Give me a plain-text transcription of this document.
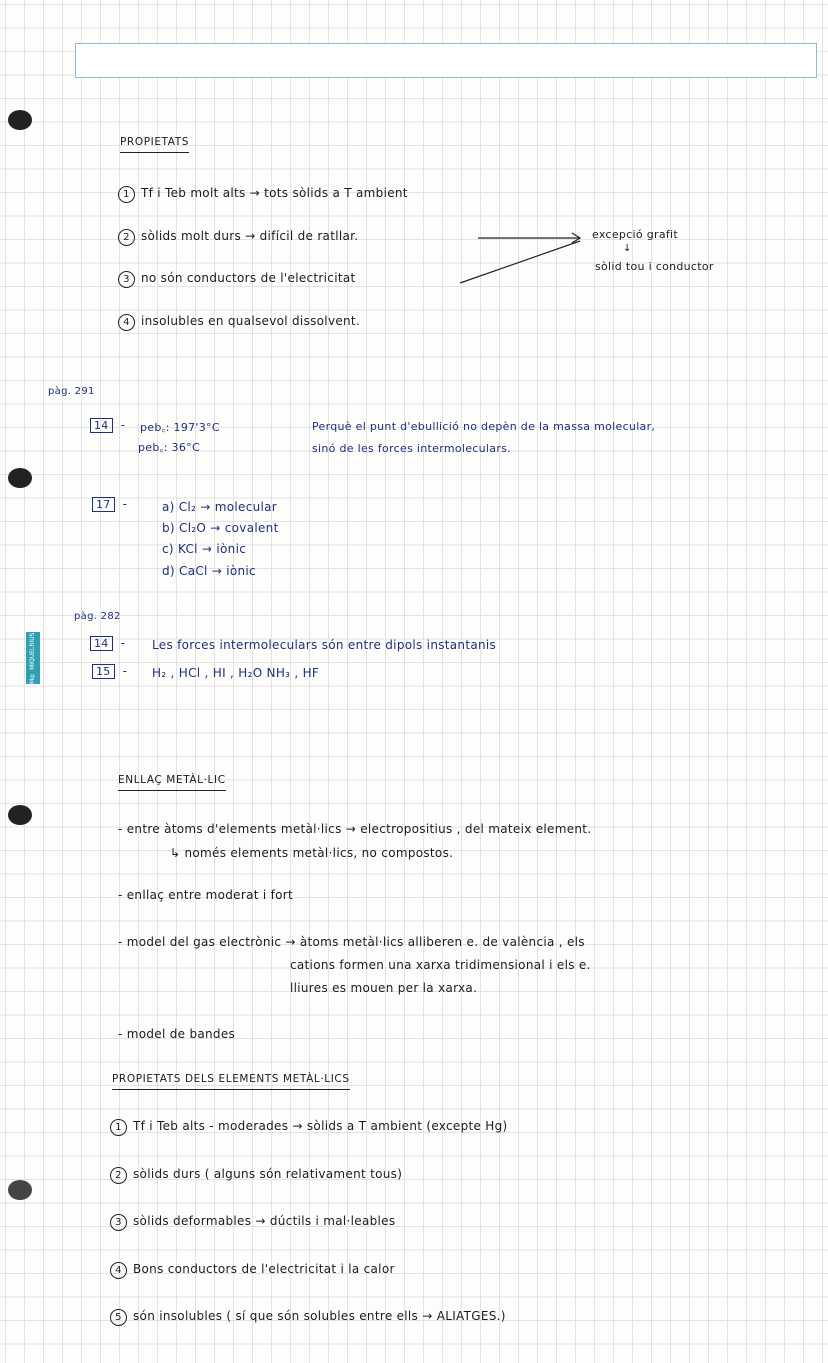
M® MIQUELRIUS
PROPIETATS
1 Tf i Teb molt alts → tots sòlids a T ambient
2 sòlids molt durs → difícil de ratllar.
3 no són conductors de l'electricitat
4 insolubles en qualsevol dissolvent.
excepció grafit
↓
sòlid tou i conductor
pàg. 291
14 - peb꜀: 197'3°C
peb꜀: 36°C
Perquè el punt d'ebullició no depèn de la massa molecular,
sinó de les forces intermoleculars.
17 -	a) Cl₂ → molecular
b) Cl₂O → covalent
c) KCl → iònic
d) CaCl → iònic
pàg. 282
14 - Les forces intermoleculars són entre dipols instantanis
15 - H₂ , HCl , HI , H₂O NH₃ , HF
ENLLAÇ METÀL·LIC
- entre àtoms d'elements metàl·lics → electropositius , del mateix element.
↳ només elements metàl·lics, no compostos.
- enllaç entre moderat i fort
- model del gas electrònic → àtoms metàl·lics alliberen e. de valència , els
cations formen una xarxa tridimensional i els e.
lliures es mouen per la xarxa.
- model de bandes
PROPIETATS DELS ELEMENTS METÀL·LICS
1 Tf i Teb alts - moderades → sòlids a T ambient (excepte Hg)
2 sòlids durs ( alguns són relativament tous)
3 sòlids deformables → dúctils i mal·leables
4 Bons conductors de l'electricitat i la calor
5 són insolubles ( sí que són solubles entre ells → ALIATGES.)
